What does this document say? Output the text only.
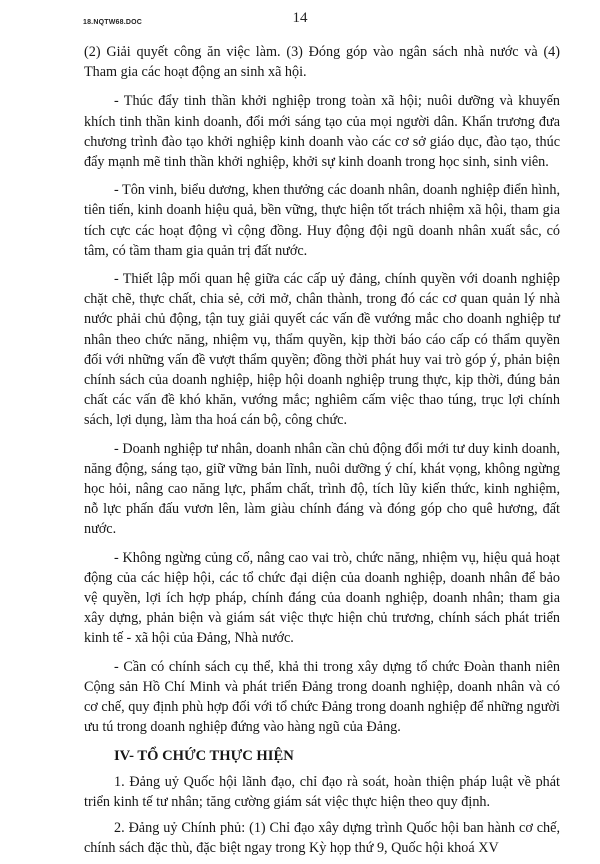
18.NQTW68.DOC	14

(2) Giải quyết công ăn việc làm. (3) Đóng góp vào ngân sách nhà nước và (4) Tham gia các hoạt động an sinh xã hội.

- Thúc đẩy tinh thần khởi nghiệp trong toàn xã hội; nuôi dưỡng và khuyến khích tinh thần kinh doanh, đổi mới sáng tạo của mọi người dân. Khẩn trương đưa chương trình đào tạo khởi nghiệp kinh doanh vào các cơ sở giáo dục, đào tạo, thúc đẩy mạnh mẽ tinh thần khởi nghiệp, khởi sự kinh doanh trong học sinh, sinh viên.

- Tôn vinh, biểu dương, khen thưởng các doanh nhân, doanh nghiệp điển hình, tiên tiến, kinh doanh hiệu quả, bền vững, thực hiện tốt trách nhiệm xã hội, tham gia tích cực các hoạt động vì cộng đồng. Huy động đội ngũ doanh nhân xuất sắc, có tâm, có tầm tham gia quản trị đất nước.

- Thiết lập mối quan hệ giữa các cấp uỷ đảng, chính quyền với doanh nghiệp chặt chẽ, thực chất, chia sẻ, cởi mở, chân thành, trong đó các cơ quan quản lý nhà nước phải chủ động, tận tuỵ giải quyết các vấn đề vướng mắc cho doanh nghiệp tư nhân theo chức năng, nhiệm vụ, thẩm quyền, kịp thời báo cáo cấp có thẩm quyền đối với những vấn đề vượt thẩm quyền; đồng thời phát huy vai trò góp ý, phản biện chính sách của doanh nghiệp, hiệp hội doanh nghiệp trung thực, kịp thời, đúng bản chất các vấn đề khó khăn, vướng mắc; nghiêm cấm việc thao túng, trục lợi chính sách, lợi dụng, làm tha hoá cán bộ, công chức.

- Doanh nghiệp tư nhân, doanh nhân cần chủ động đổi mới tư duy kinh doanh, năng động, sáng tạo, giữ vững bản lĩnh, nuôi dưỡng ý chí, khát vọng, không ngừng học hỏi, nâng cao năng lực, phẩm chất, trình độ, tích lũy kiến thức, kinh nghiệm, nỗ lực phấn đấu vươn lên, làm giàu chính đáng và đóng góp cho quê hương, đất nước.

- Không ngừng củng cố, nâng cao vai trò, chức năng, nhiệm vụ, hiệu quả hoạt động của các hiệp hội, các tổ chức đại diện của doanh nghiệp, doanh nhân để bảo vệ quyền, lợi ích hợp pháp, chính đáng của doanh nghiệp, doanh nhân; tham gia xây dựng, phản biện và giám sát việc thực hiện chủ trương, chính sách phát triển kinh tế - xã hội của Đảng, Nhà nước.

- Cần có chính sách cụ thể, khả thi trong xây dựng tổ chức Đoàn thanh niên Cộng sản Hồ Chí Minh và phát triển Đảng trong doanh nghiệp, doanh nhân và có cơ chế, quy định phù hợp đối với tổ chức Đảng trong doanh nghiệp để những người ưu tú trong doanh nghiệp đứng vào hàng ngũ của Đảng.

IV- TỔ CHỨC THỰC HIỆN

1. Đảng uỷ Quốc hội lãnh đạo, chỉ đạo rà soát, hoàn thiện pháp luật về phát triển kinh tế tư nhân; tăng cường giám sát việc thực hiện theo quy định.

2. Đảng uỷ Chính phủ: (1) Chỉ đạo xây dựng trình Quốc hội ban hành cơ chế, chính sách đặc thù, đặc biệt ngay trong Kỳ họp thứ 9, Quốc hội khoá XV
